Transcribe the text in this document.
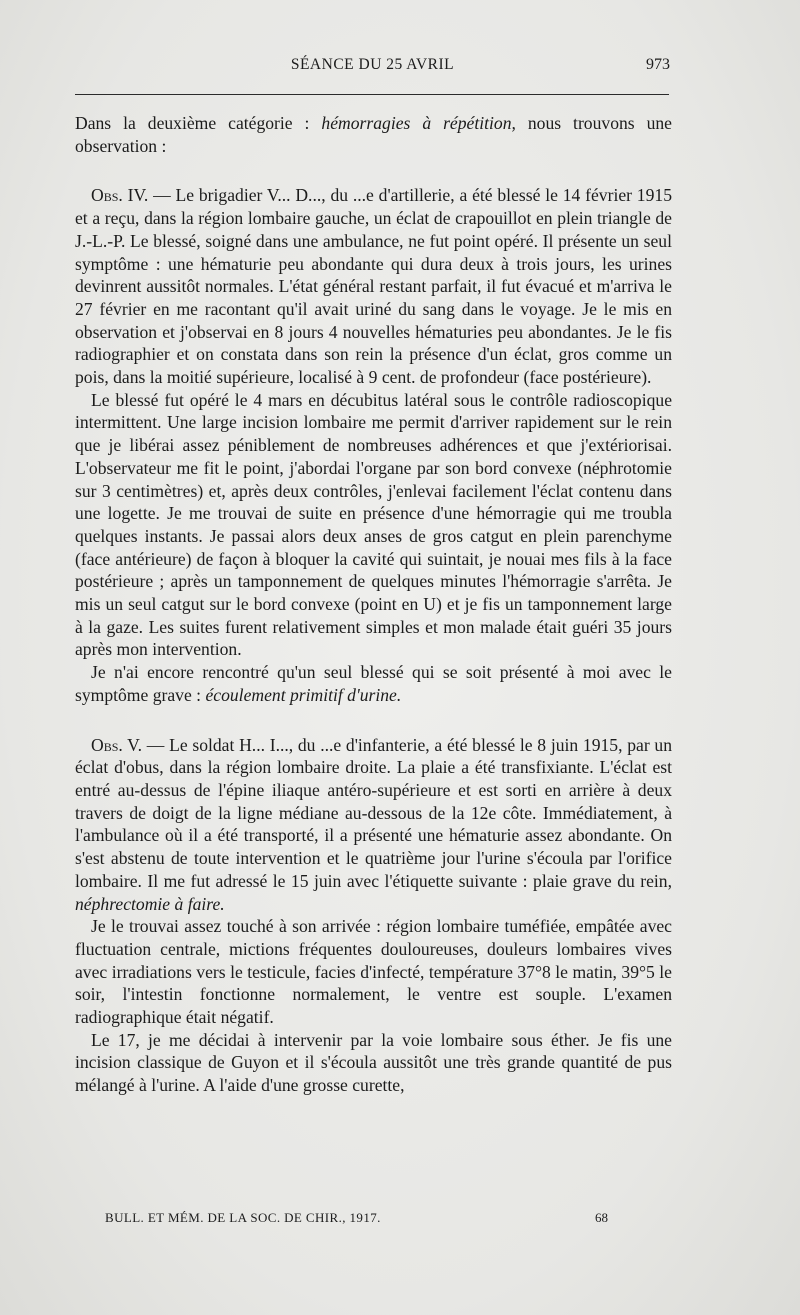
SÉANCE DU 25 AVRIL	973

Dans la deuxième catégorie : hémorragies à répétition, nous trouvons une observation :

Obs. IV. — Le brigadier V... D..., du ...e d'artillerie, a été blessé le 14 février 1915 et a reçu, dans la région lombaire gauche, un éclat de crapouillot en plein triangle de J.-L.-P. Le blessé, soigné dans une ambulance, ne fut point opéré. Il présente un seul symptôme : une hématurie peu abondante qui dura deux à trois jours, les urines devinrent aussitôt normales. L'état général restant parfait, il fut évacué et m'arriva le 27 février en me racontant qu'il avait uriné du sang dans le voyage. Je le mis en observation et j'observai en 8 jours 4 nouvelles hématuries peu abondantes. Je le fis radiographier et on constata dans son rein la présence d'un éclat, gros comme un pois, dans la moitié supérieure, localisé à 9 cent. de profondeur (face postérieure).

Le blessé fut opéré le 4 mars en décubitus latéral sous le contrôle radioscopique intermittent. Une large incision lombaire me permit d'arriver rapidement sur le rein que je libérai assez péniblement de nombreuses adhérences et que j'extériorisai. L'observateur me fit le point, j'abordai l'organe par son bord convexe (néphrotomie sur 3 centimètres) et, après deux contrôles, j'enlevai facilement l'éclat contenu dans une logette. Je me trouvai de suite en présence d'une hémorragie qui me troubla quelques instants. Je passai alors deux anses de gros catgut en plein parenchyme (face antérieure) de façon à bloquer la cavité qui suintait, je nouai mes fils à la face postérieure ; après un tamponnement de quelques minutes l'hémorragie s'arrêta. Je mis un seul catgut sur le bord convexe (point en U) et je fis un tamponnement large à la gaze. Les suites furent relativement simples et mon malade était guéri 35 jours après mon intervention.

Je n'ai encore rencontré qu'un seul blessé qui se soit présenté à moi avec le symptôme grave : écoulement primitif d'urine.

Obs. V. — Le soldat H... I..., du ...e d'infanterie, a été blessé le 8 juin 1915, par un éclat d'obus, dans la région lombaire droite. La plaie a été transfixiante. L'éclat est entré au-dessus de l'épine iliaque antéro-supérieure et est sorti en arrière à deux travers de doigt de la ligne médiane au-dessous de la 12e côte. Immédiatement, à l'ambulance où il a été transporté, il a présenté une hématurie assez abondante. On s'est abstenu de toute intervention et le quatrième jour l'urine s'écoula par l'orifice lombaire. Il me fut adressé le 15 juin avec l'étiquette suivante : plaie grave du rein, néphrectomie à faire.

Je le trouvai assez touché à son arrivée : région lombaire tuméfiée, empâtée avec fluctuation centrale, mictions fréquentes douloureuses, douleurs lombaires vives avec irradiations vers le testicule, facies d'infecté, température 37°8 le matin, 39°5 le soir, l'intestin fonctionne normalement, le ventre est souple. L'examen radiographique était négatif.

Le 17, je me décidai à intervenir par la voie lombaire sous éther. Je fis une incision classique de Guyon et il s'écoula aussitôt une très grande quantité de pus mélangé à l'urine. A l'aide d'une grosse curette,

BULL. ET MÉM. DE LA SOC. DE CHIR., 1917.	68
